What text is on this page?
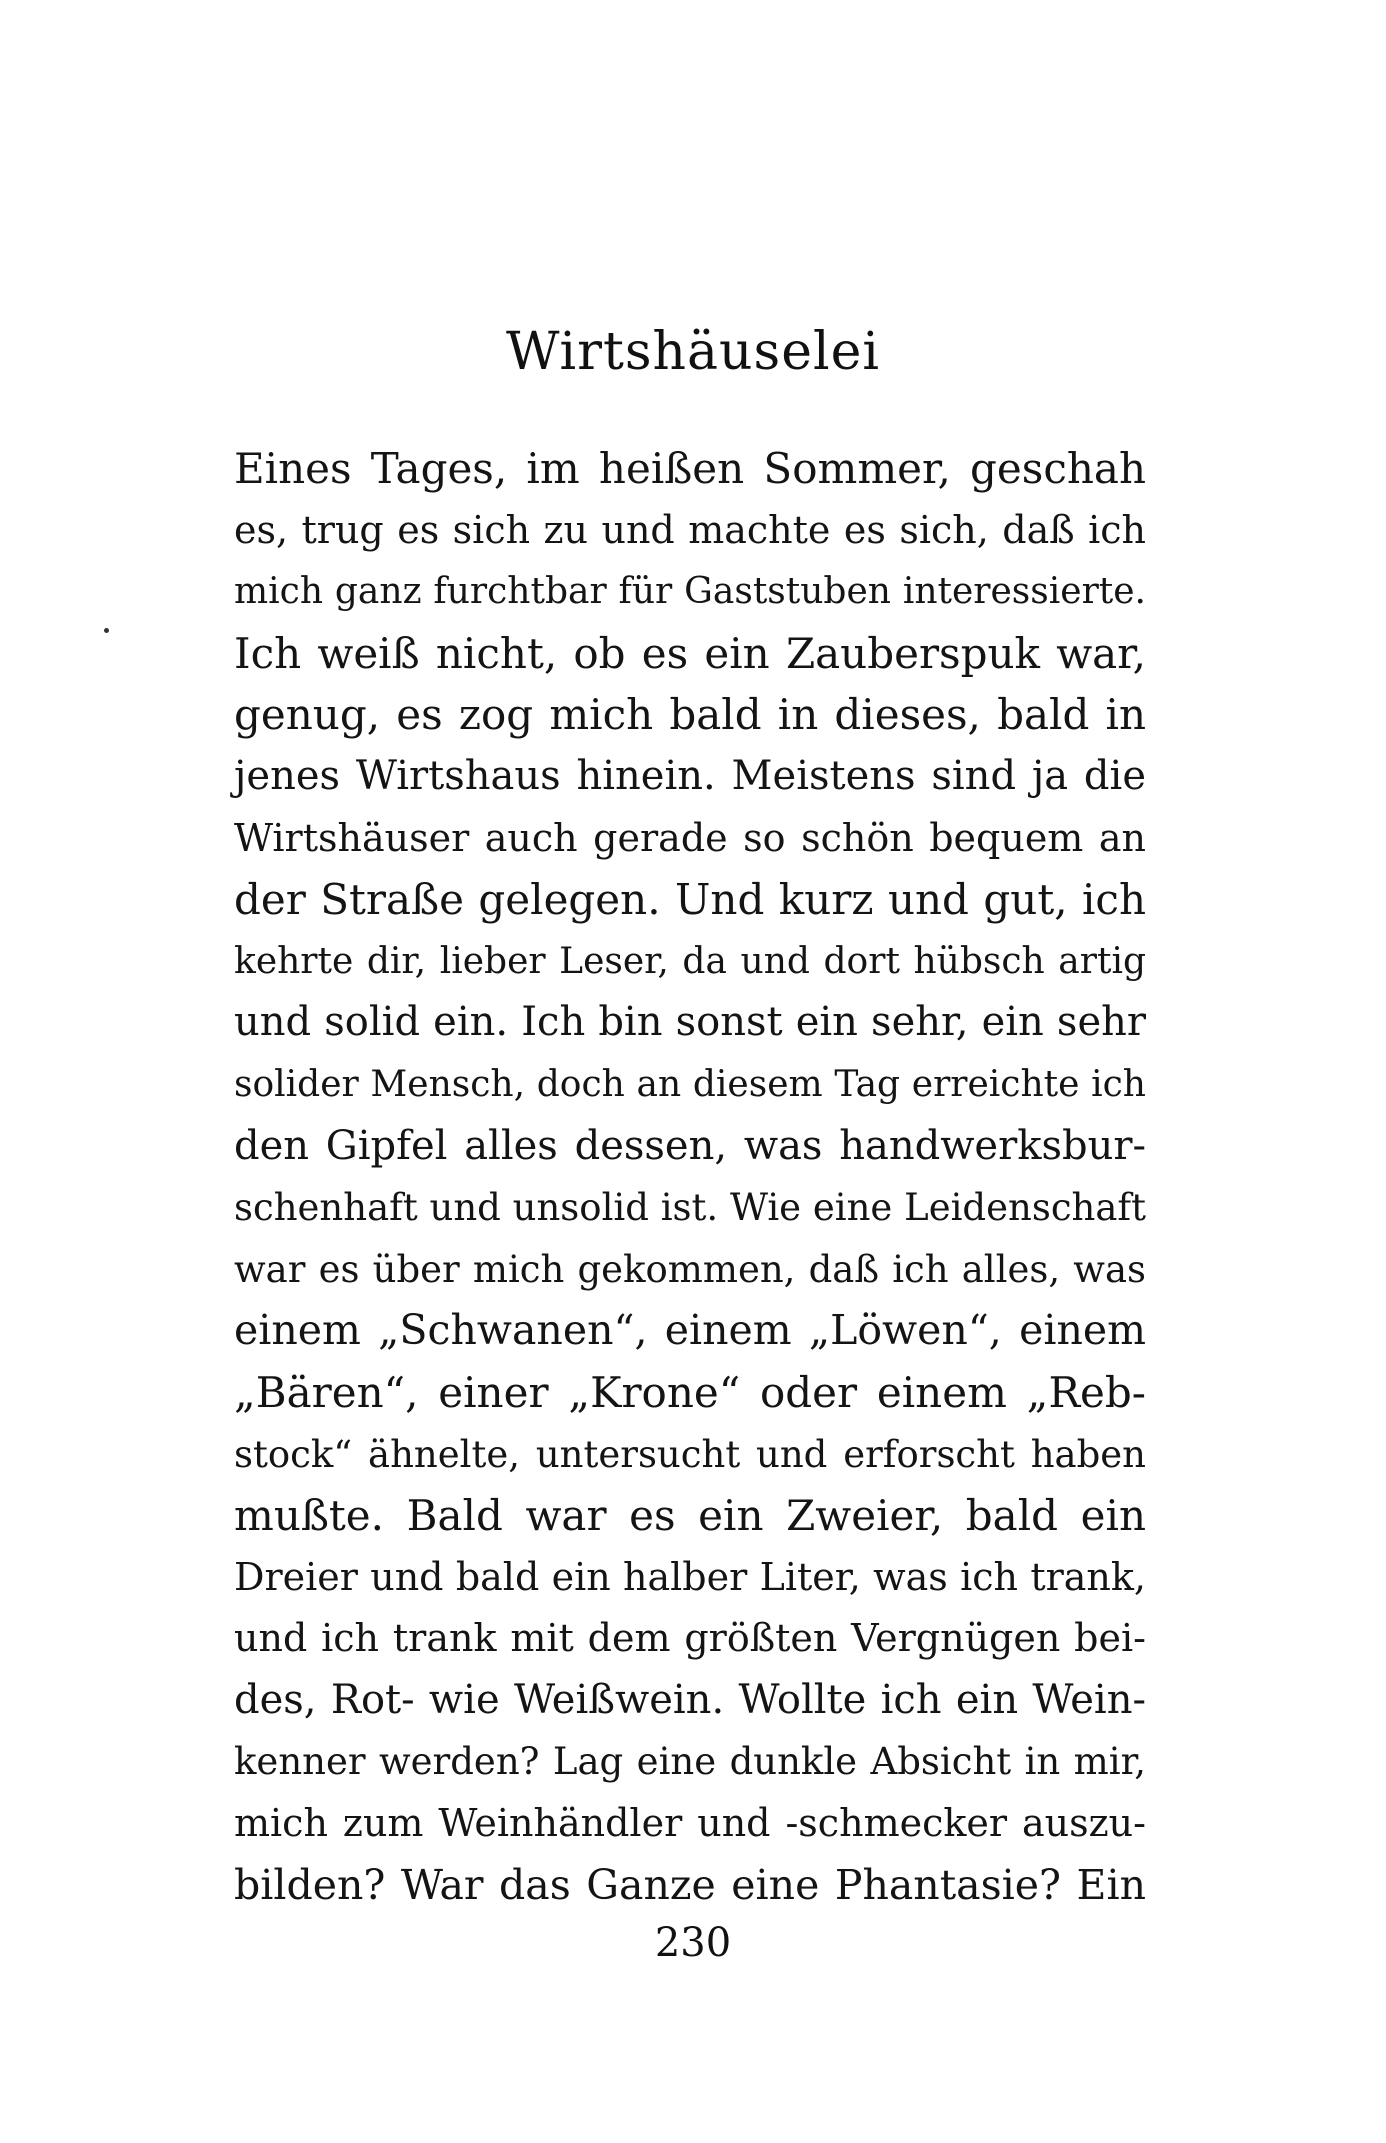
Wirtshäuselei
Eines Tages, im heißen Sommer, geschah
es, trug es sich zu und machte es sich, daß ich
mich ganz furchtbar für Gaststuben interessierte.
Ich weiß nicht, ob es ein Zauberspuk war,
genug, es zog mich bald in dieses, bald in
jenes Wirtshaus hinein. Meistens sind ja die
Wirtshäuser auch gerade so schön bequem an
der Straße gelegen. Und kurz und gut, ich
kehrte dir, lieber Leser, da und dort hübsch artig
und solid ein. Ich bin sonst ein sehr, ein sehr
solider Mensch, doch an diesem Tag erreichte ich
den Gipfel alles dessen, was handwerksbur-
schenhaft und unsolid ist. Wie eine Leidenschaft
war es über mich gekommen, daß ich alles, was
einem „Schwanen“, einem „Löwen“, einem
„Bären“, einer „Krone“ oder einem „Reb-
stock“ ähnelte, untersucht und erforscht haben
mußte. Bald war es ein Zweier, bald ein
Dreier und bald ein halber Liter, was ich trank,
und ich trank mit dem größten Vergnügen bei-
des, Rot- wie Weißwein. Wollte ich ein Wein-
kenner werden? Lag eine dunkle Absicht in mir,
mich zum Weinhändler und -schmecker auszu-
bilden? War das Ganze eine Phantasie? Ein
230
